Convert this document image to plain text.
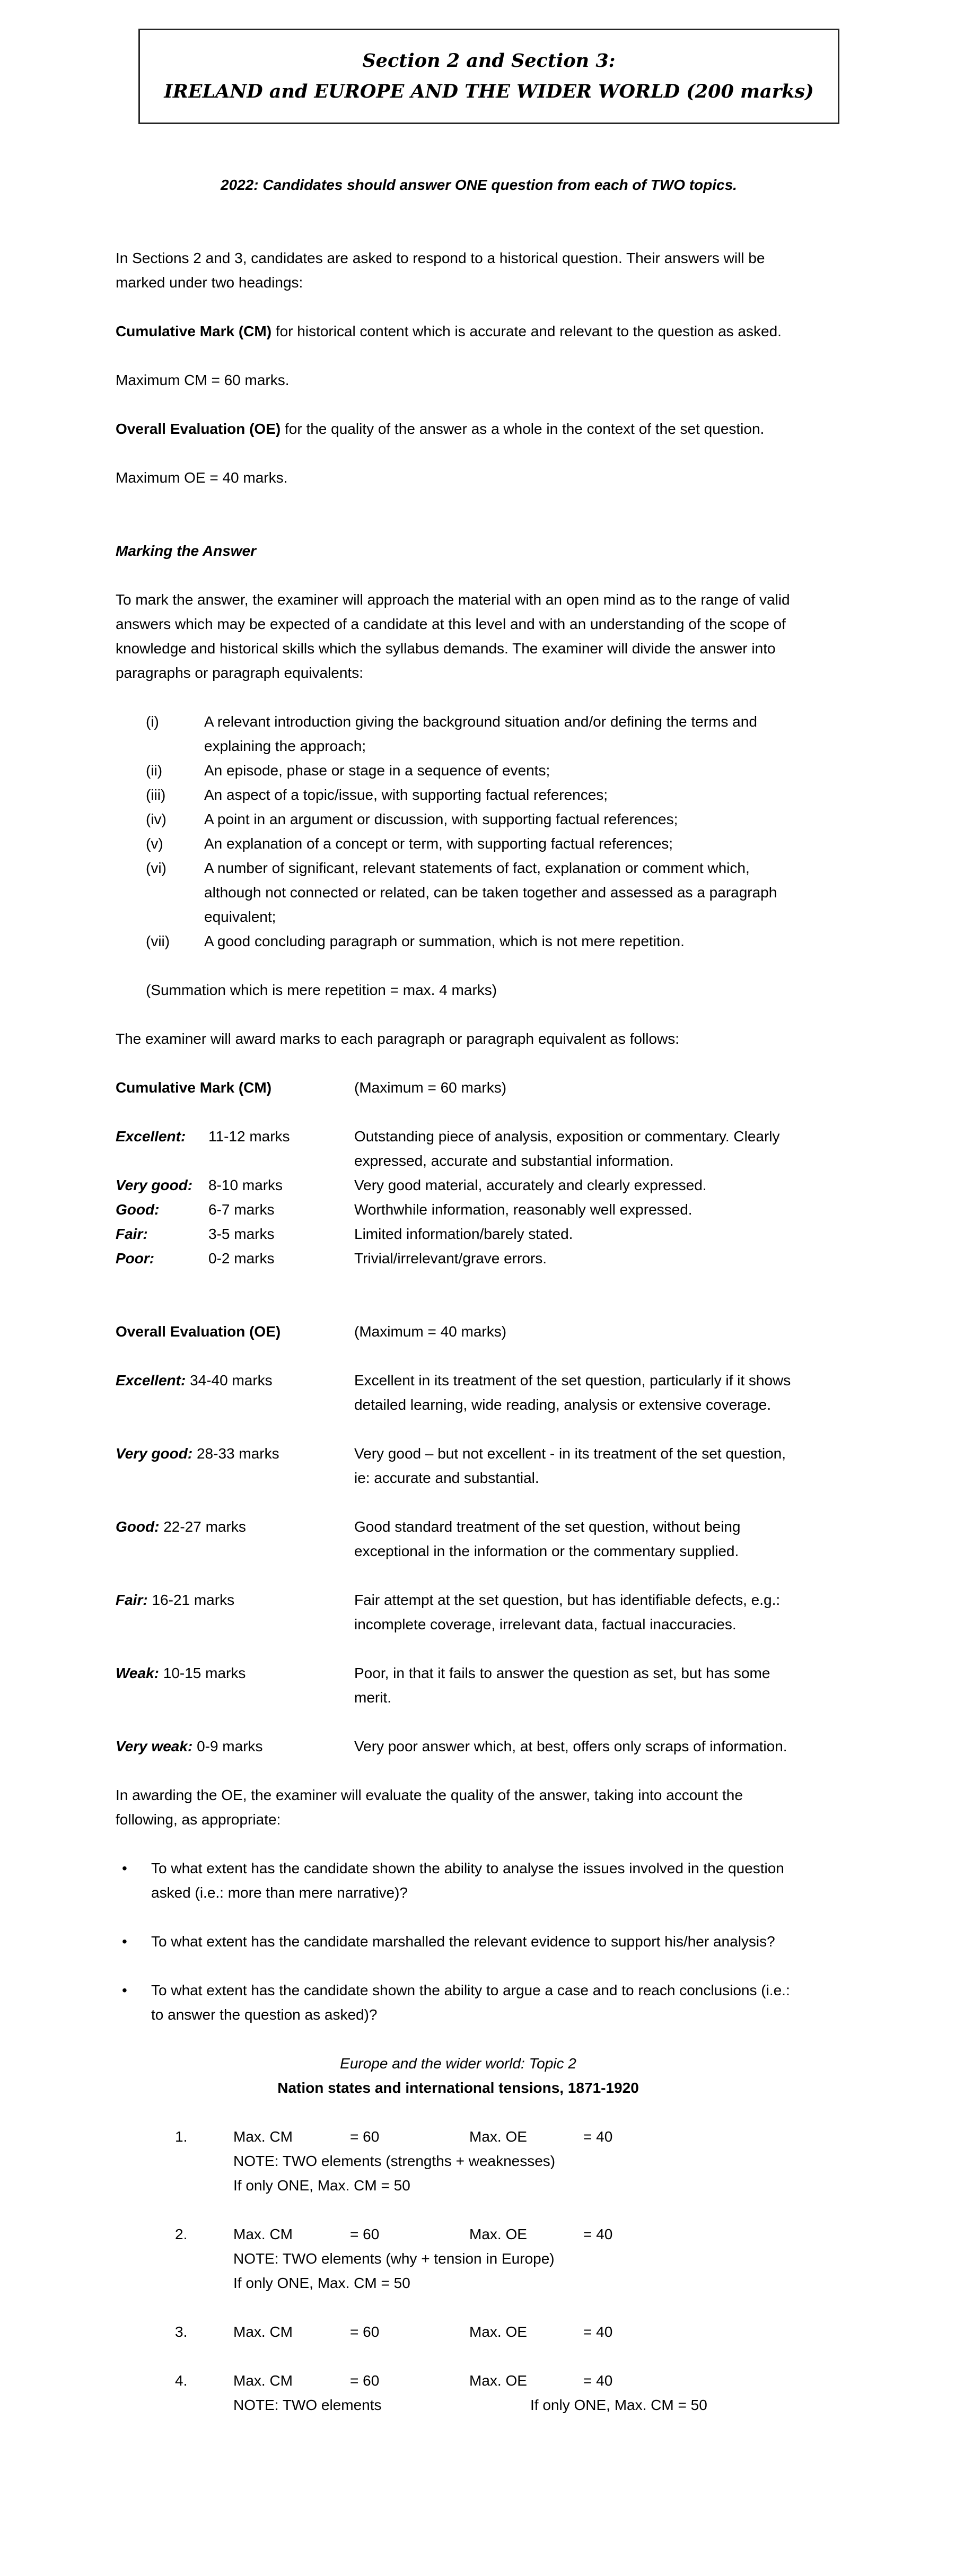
Section 2 and Section 3:
IRELAND and EUROPE AND THE WIDER WORLD (200 marks)
2022: Candidates should answer ONE question from each of TWO topics.
In Sections 2 and 3, candidates are asked to respond to a historical question. Their answers will be marked under two headings:
Cumulative Mark (CM) for historical content which is accurate and relevant to the question as asked.
Maximum CM = 60 marks.
Overall Evaluation (OE) for the quality of the answer as a whole in the context of the set question.
Maximum OE = 40 marks.
Marking the Answer
To mark the answer, the examiner will approach the material with an open mind as to the range of valid answers which may be expected of a candidate at this level and with an understanding of the scope of knowledge and historical skills which the syllabus demands. The examiner will divide the answer into paragraphs or paragraph equivalents:
(i)	A relevant introduction giving the background situation and/or defining the terms and explaining the approach;
(ii)	An episode, phase or stage in a sequence of events;
(iii)	An aspect of a topic/issue, with supporting factual references;
(iv)	A point in an argument or discussion, with supporting factual references;
(v)	An explanation of a concept or term, with supporting factual references;
(vi)	A number of significant, relevant statements of fact, explanation or comment which, although not connected or related, can be taken together and assessed as a paragraph equivalent;
(vii)	A good concluding paragraph or summation, which is not mere repetition.
(Summation which is mere repetition = max. 4 marks)
The examiner will award marks to each paragraph or paragraph equivalent as follows:
Cumulative Mark (CM)	(Maximum = 60 marks)
Excellent: 11-12 marks	Outstanding piece of analysis, exposition or commentary. Clearly expressed, accurate and substantial information.
Very good: 8-10 marks	Very good material, accurately and clearly expressed.
Good:	6-7 marks	Worthwhile information, reasonably well expressed.
Fair:	3-5 marks	Limited information/barely stated.
Poor:	0-2 marks	Trivial/irrelevant/grave errors.
Overall Evaluation (OE)	(Maximum = 40 marks)
Excellent: 34-40 marks	Excellent in its treatment of the set question, particularly if it shows detailed learning, wide reading, analysis or extensive coverage.
Very good: 28-33 marks	Very good – but not excellent - in its treatment of the set question, ie: accurate and substantial.
Good: 22-27 marks	Good standard treatment of the set question, without being exceptional in the information or the commentary supplied.
Fair: 16-21 marks	Fair attempt at the set question, but has identifiable defects, e.g.: incomplete coverage, irrelevant data, factual inaccuracies.
Weak: 10-15 marks	Poor, in that it fails to answer the question as set, but has some merit.
Very weak: 0-9 marks	Very poor answer which, at best, offers only scraps of information.
In awarding the OE, the examiner will evaluate the quality of the answer, taking into account the following, as appropriate:
•	To what extent has the candidate shown the ability to analyse the issues involved in the question asked (i.e.: more than mere narrative)?
•	To what extent has the candidate marshalled the relevant evidence to support his/her analysis?
•	To what extent has the candidate shown the ability to argue a case and to reach conclusions (i.e.: to answer the question as asked)?
Europe and the wider world: Topic 2
Nation states and international tensions, 1871-1920
1.	Max. CM	= 60	Max. OE	= 40
NOTE: TWO elements (strengths + weaknesses)
If only ONE, Max. CM = 50
2.	Max. CM	= 60	Max. OE	= 40
NOTE: TWO elements (why + tension in Europe)
If only ONE, Max. CM = 50
3.	Max. CM	= 60	Max. OE	= 40
4.	Max. CM	= 60	Max. OE	= 40
NOTE: TWO elements	If only ONE, Max. CM = 50
